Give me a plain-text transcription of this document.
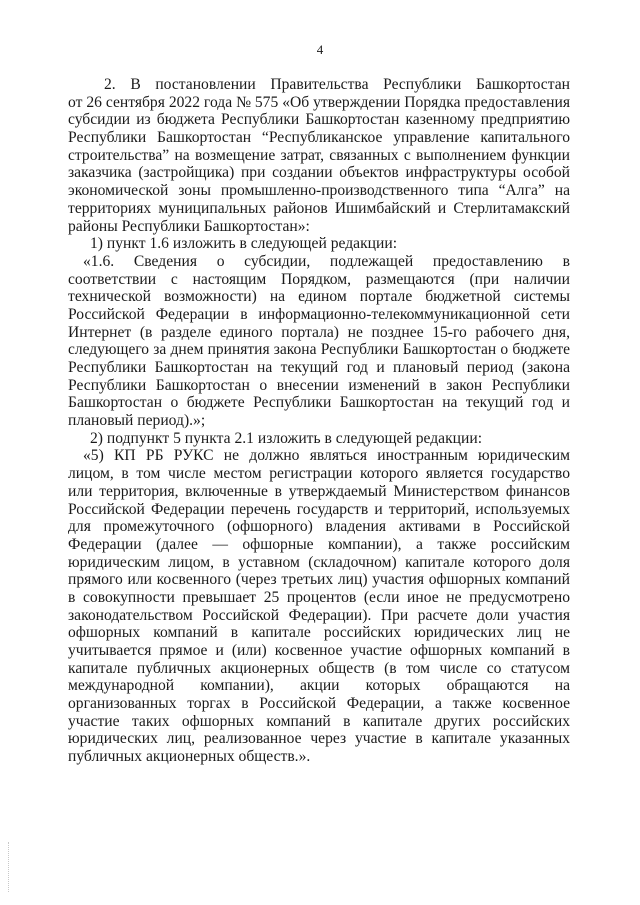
4
2. В постановлении Правительства Республики Башкортостан
от 26 сентября 2022 года № 575 «Об утверждении Порядка предоставления
субсидии из бюджета Республики Башкортостан казенному предприятию
Республики Башкортостан “Республиканское управление капитального
строительства” на возмещение затрат, связанных с выполнением функции
заказчика (застройщика) при создании объектов инфраструктуры особой
экономической зоны промышленно-производственного типа “Алга” на
территориях муниципальных районов Ишимбайский и Стерлитамакский
районы Республики Башкортостан»:
1) пункт 1.6 изложить в следующей редакции:
«1.6. Сведения о субсидии, подлежащей предоставлению в
соответствии с настоящим Порядком, размещаются (при наличии
технической возможности) на едином портале бюджетной системы
Российской Федерации в информационно-телекоммуникационной сети
Интернет (в разделе единого портала) не позднее 15-го рабочего дня,
следующего за днем принятия закона Республики Башкортостан о бюджете
Республики Башкортостан на текущий год и плановый период (закона
Республики Башкортостан о внесении изменений в закон Республики
Башкортостан о бюджете Республики Башкортостан на текущий год и
плановый период).»;
2) подпункт 5 пункта 2.1 изложить в следующей редакции:
«5) КП РБ РУКС не должно являться иностранным юридическим
лицом, в том числе местом регистрации которого является государство
или территория, включенные в утверждаемый Министерством финансов
Российской Федерации перечень государств и территорий, используемых
для промежуточного (офшорного) владения активами в Российской
Федерации (далее — офшорные компании), а также российским
юридическим лицом, в уставном (складочном) капитале которого доля
прямого или косвенного (через третьих лиц) участия офшорных компаний
в совокупности превышает 25 процентов (если иное не предусмотрено
законодательством Российской Федерации). При расчете доли участия
офшорных компаний в капитале российских юридических лиц не
учитывается прямое и (или) косвенное участие офшорных компаний в
капитале публичных акционерных обществ (в том числе со статусом
международной компании), акции которых обращаются на
организованных торгах в Российской Федерации, а также косвенное
участие таких офшорных компаний в капитале других российских
юридических лиц, реализованное через участие в капитале указанных
публичных акционерных обществ.».
